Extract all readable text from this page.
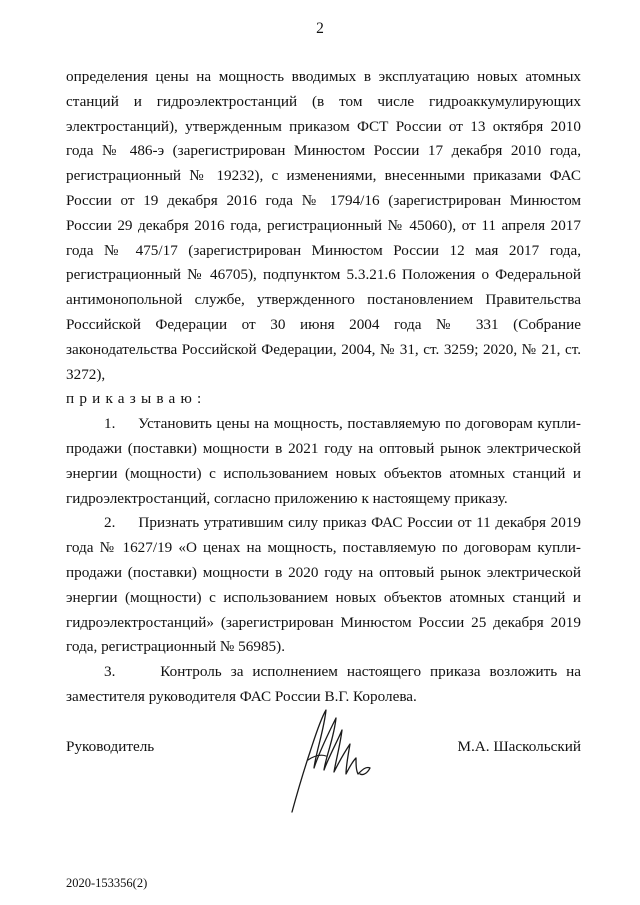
2

определения цены на мощность вводимых в эксплуатацию новых атомных станций и гидроэлектростанций (в том числе гидроаккумулирующих электростанций), утвержденным приказом ФСТ России от 13 октября 2010 года № 486-э (зарегистрирован Минюстом России 17 декабря 2010 года, регистрационный № 19232), с изменениями, внесенными приказами ФАС России от 19 декабря 2016 года № 1794/16 (зарегистрирован Минюстом России 29 декабря 2016 года, регистрационный № 45060), от 11 апреля 2017 года № 475/17 (зарегистрирован Минюстом России 12 мая 2017 года, регистрационный № 46705), подпунктом 5.3.21.6 Положения о Федеральной антимонопольной службе, утвержденного постановлением Правительства Российской Федерации от 30 июня 2004 года № 331 (Собрание законодательства Российской Федерации, 2004, № 31, ст. 3259; 2020, № 21, ст. 3272),

приказываю:

1.     Установить цены на мощность, поставляемую по договорам купли-продажи (поставки) мощности в 2021 году на оптовый рынок электрической энергии (мощности) с использованием новых объектов атомных станций и гидроэлектростанций, согласно приложению к настоящему приказу.

2.     Признать утратившим силу приказ ФАС России от 11 декабря 2019 года № 1627/19 «О ценах на мощность, поставляемую по договорам купли-продажи (поставки) мощности в 2020 году на оптовый рынок электрической энергии (мощности) с использованием новых объектов атомных станций и гидроэлектростанций» (зарегистрирован Минюстом России 25 декабря 2019 года, регистрационный № 56985).

3.     Контроль за исполнением настоящего приказа возложить на заместителя руководителя ФАС России В.Г. Королева.

Руководитель	М.А. Шаскольский
2020-153356(2)
